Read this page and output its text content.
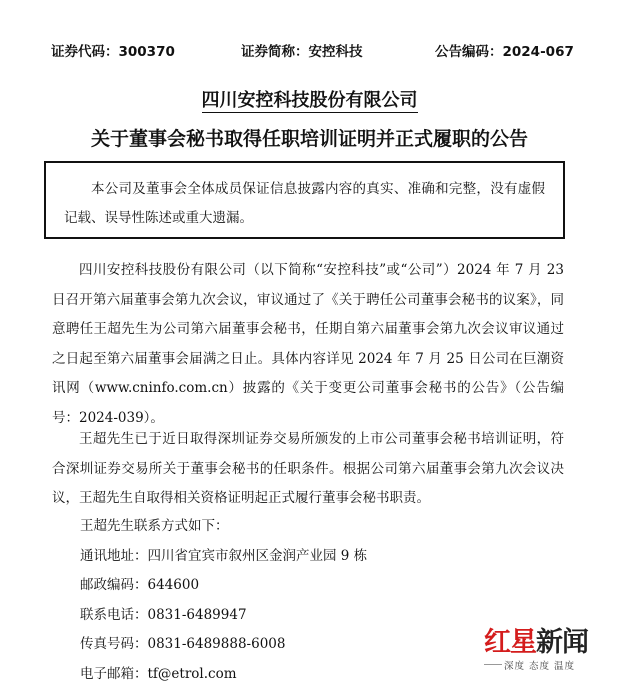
证券代码：300370	证券简称：安控科技	公告编码：2024-067
四川安控科技股份有限公司
关于董事会秘书取得任职培训证明并正式履职的公告
本公司及董事会全体成员保证信息披露内容的真实、准确和完整，没有虚假记载、误导性陈述或重大遗漏。

四川安控科技股份有限公司（以下简称“安控科技”或“公司”）2024 年 7 月 23 日召开第六届董事会第九次会议，审议通过了《关于聘任公司董事会秘书的议案》，同意聘任王超先生为公司第六届董事会秘书，任期自第六届董事会第九次会议审议通过之日起至第六届董事会届满之日止。具体内容详见 2024 年 7 月 25 日公司在巨潮资讯网（www.cninfo.com.cn）披露的《关于变更公司董事会秘书的公告》（公告编号：2024-039）。

王超先生已于近日取得深圳证券交易所颁发的上市公司董事会秘书培训证明，符合深圳证券交易所关于董事会秘书的任职条件。根据公司第六届董事会第九次会议决议，王超先生自取得相关资格证明起正式履行董事会秘书职责。

王超先生联系方式如下：
通讯地址：四川省宜宾市叙州区金润产业园 9 栋
邮政编码：644600
联系电话：0831-6489947
传真号码：0831-6489888-6008
电子邮箱：tf@etrol.com
红星新闻
深度 态度 温度
